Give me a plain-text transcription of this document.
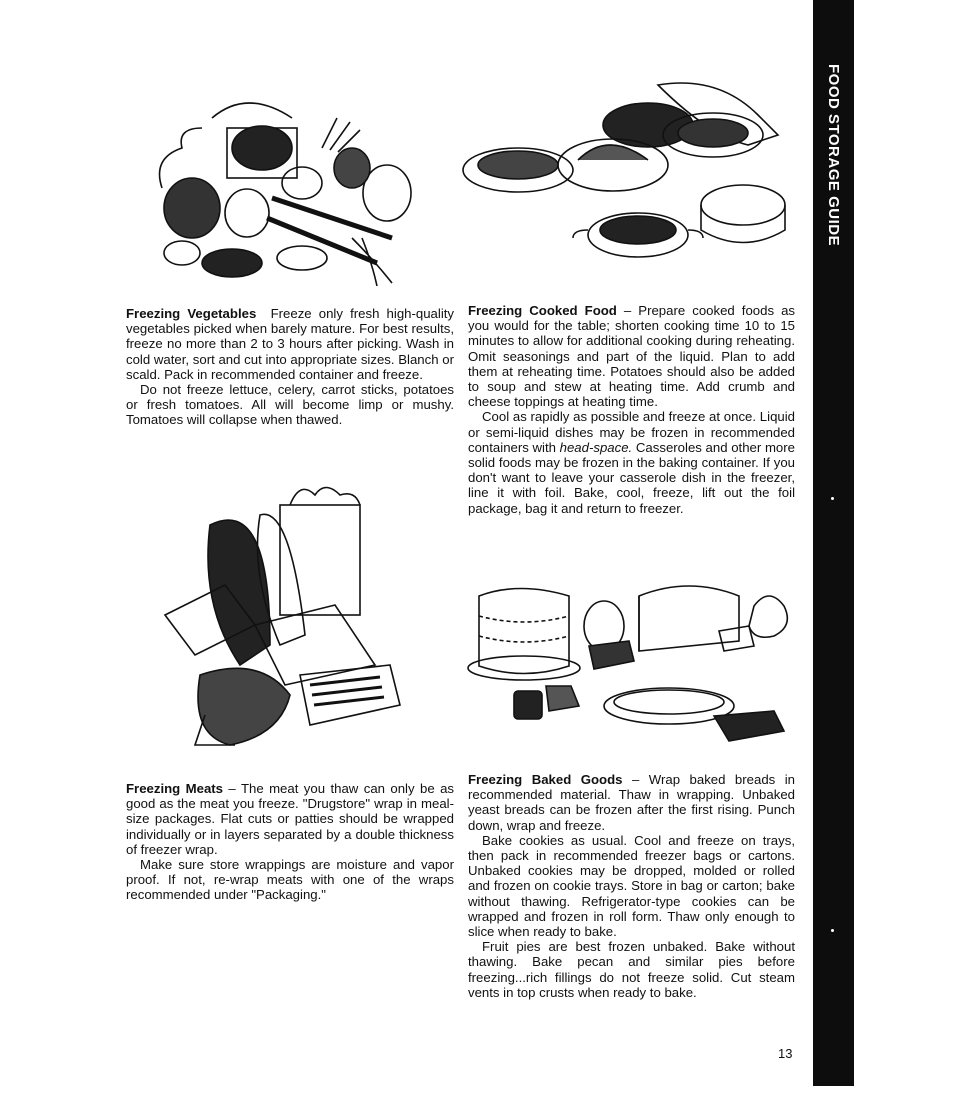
FOOD STORAGE GUIDE

Freezing Vegetables Freeze only fresh high-quality vegetables picked when barely mature. For best results, freeze no more than 2 to 3 hours after picking. Wash in cold water, sort and cut into appropriate sizes. Blanch or scald. Pack in recommended container and freeze.

Do not freeze lettuce, celery, carrot sticks, potatoes or fresh tomatoes. All will become limp or mushy. Tomatoes will collapse when thawed.

Freezing Cooked Food – Prepare cooked foods as you would for the table; shorten cooking time 10 to 15 minutes to allow for additional cooking during reheating. Omit seasonings and part of the liquid. Plan to add them at reheating time. Potatoes should also be added to soup and stew at heating time. Add crumb and cheese toppings at heating time.

Cool as rapidly as possible and freeze at once. Liquid or semi-liquid dishes may be frozen in recommended containers with head-space. Casseroles and other more solid foods may be frozen in the baking container. If you don't want to leave your casserole dish in the freezer, line it with foil. Bake, cool, freeze, lift out the foil package, bag it and return to freezer.

Freezing Meats – The meat you thaw can only be as good as the meat you freeze. "Drugstore" wrap in meal-size packages. Flat cuts or patties should be wrapped individually or in layers separated by a double thickness of freezer wrap.

Make sure store wrappings are moisture and vapor proof. If not, re-wrap meats with one of the wraps recommended under "Packaging."

Freezing Baked Goods – Wrap baked breads in recommended material. Thaw in wrapping. Unbaked yeast breads can be frozen after the first rising. Punch down, wrap and freeze.

Bake cookies as usual. Cool and freeze on trays, then pack in recommended freezer bags or cartons. Unbaked cookies may be dropped, molded or rolled and frozen on cookie trays. Store in bag or carton; bake without thawing. Refrigerator-type cookies can be wrapped and frozen in roll form. Thaw only enough to slice when ready to bake.

Fruit pies are best frozen unbaked. Bake without thawing. Bake pecan and similar pies before freezing...rich fillings do not freeze solid. Cut steam vents in top crusts when ready to bake.

13
